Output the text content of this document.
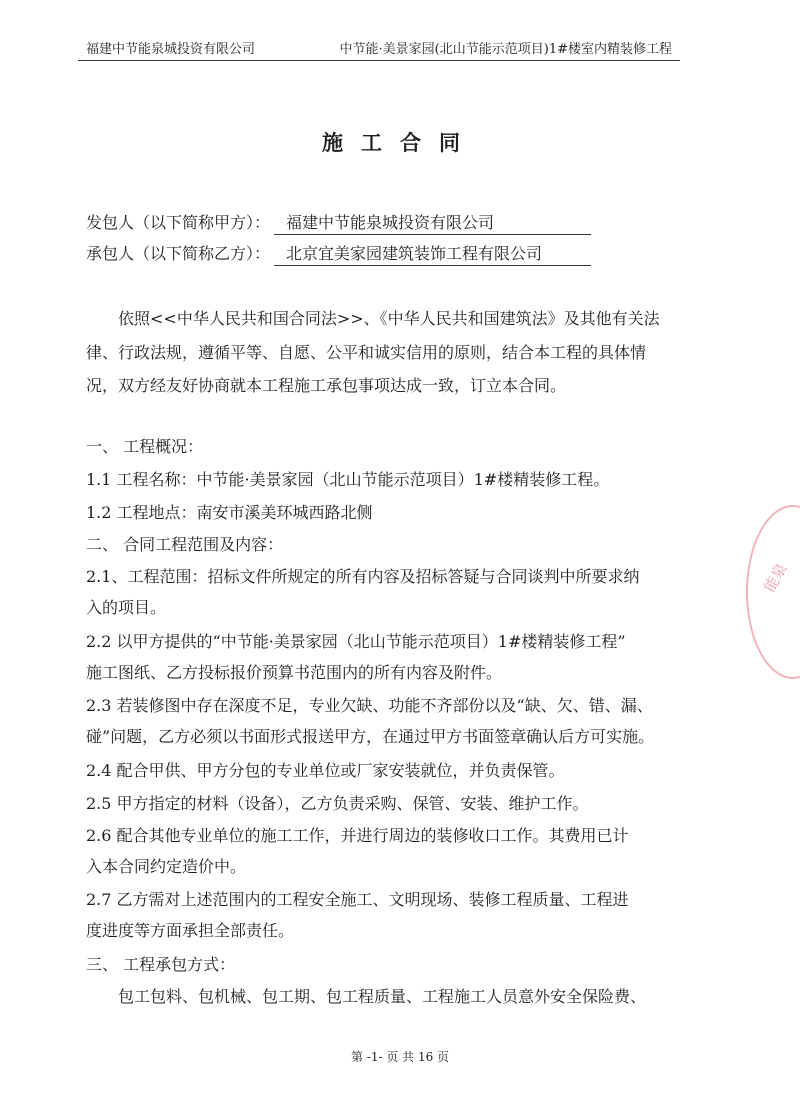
福建中节能泉城投资有限公司	中节能·美景家园(北山节能示范项目)1#楼室内精装修工程
施工合同
发包人（以下简称甲方）： 福建中节能泉城投资有限公司
承包人（以下简称乙方）： 北京宜美家园建筑装饰工程有限公司
依照<<中华人民共和国合同法>>、《中华人民共和国建筑法》及其他有关法
律、行政法规，遵循平等、自愿、公平和诚实信用的原则，结合本工程的具体情
况，双方经友好协商就本工程施工承包事项达成一致，订立本合同。
一、 工程概况：
1.1 工程名称：中节能·美景家园（北山节能示范项目）1#楼精装修工程。
1.2 工程地点：南安市溪美环城西路北侧
二、 合同工程范围及内容：
2.1、工程范围：招标文件所规定的所有内容及招标答疑与合同谈判中所要求纳
入的项目。
2.2 以甲方提供的“中节能·美景家园（北山节能示范项目）1#楼精装修工程”
施工图纸、乙方投标报价预算书范围内的所有内容及附件。
2.3 若装修图中存在深度不足，专业欠缺、功能不齐部份以及“缺、欠、错、漏、
碰”问题，乙方必须以书面形式报送甲方，在通过甲方书面签章确认后方可实施。
2.4 配合甲供、甲方分包的专业单位或厂家安装就位，并负责保管。
2.5 甲方指定的材料（设备），乙方负责采购、保管、安装、维护工作。
2.6 配合其他专业单位的施工工作，并进行周边的装修收口工作。其费用已计
入本合同约定造价中。
2.7 乙方需对上述范围内的工程安全施工、文明现场、装修工程质量、工程进
度进度等方面承担全部责任。
三、 工程承包方式：
包工包料、包机械、包工期、包工程质量、工程施工人员意外安全保险费、
第 -1- 页 共 16 页
能泉
